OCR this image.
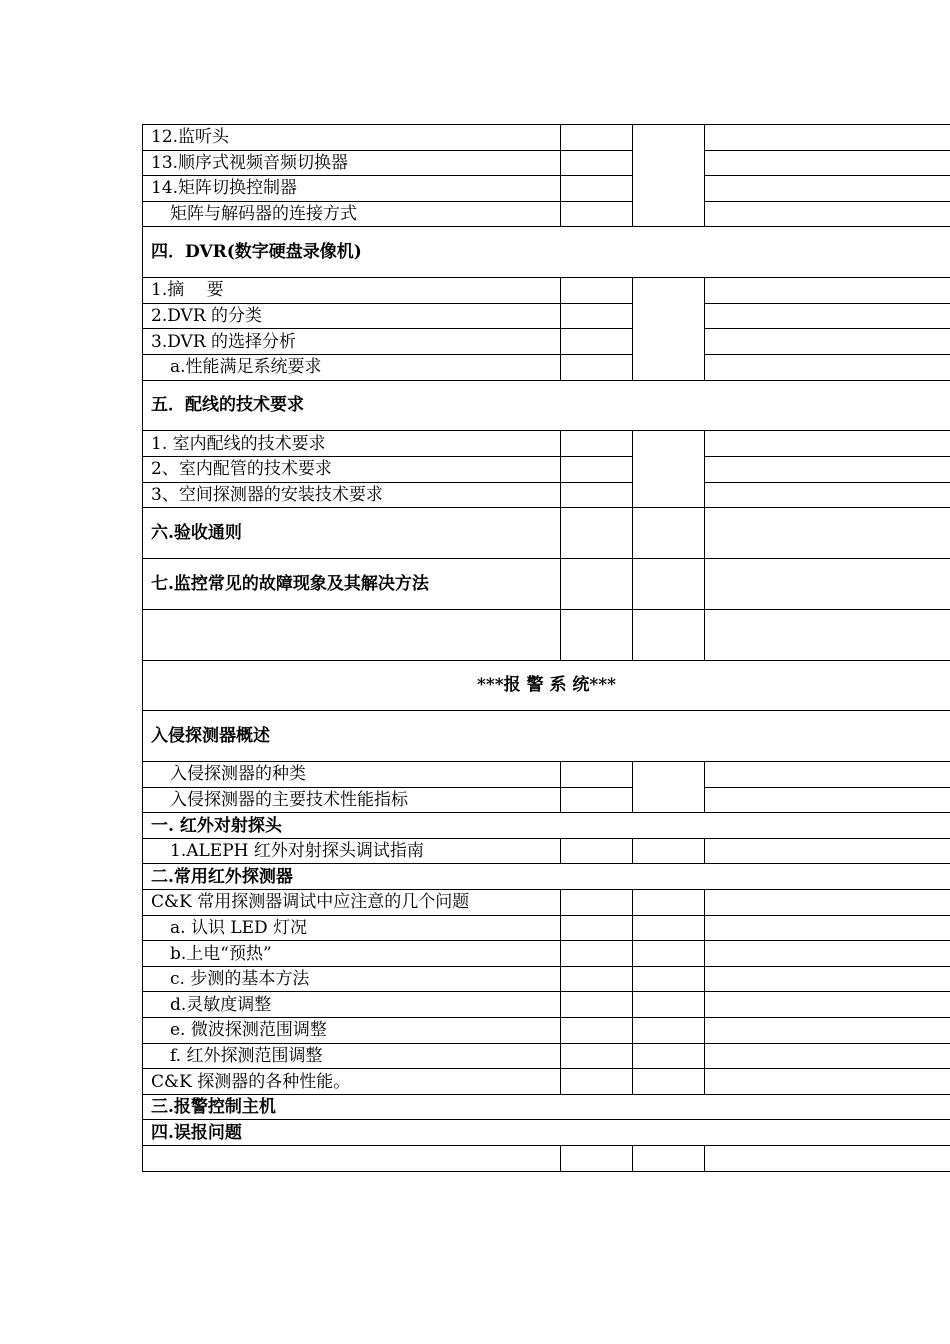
12.监听头			
13.顺序式视频音频切换器			
14.矩阵切换控制器			
矩阵与解码器的连接方式			
四．DVR(数字硬盘录像机)			
1.摘　 要			
2.DVR 的分类			
3.DVR 的选择分析			
a.性能满足系统要求			
五．配线的技术要求			
1. 室内配线的技术要求			
2、室内配管的技术要求			
3、空间探测器的安装技术要求			
六.验收通则			
七.监控常见的故障现象及其解决方法			

***报 警 系 统***			
入侵探测器概述			
入侵探测器的种类			
入侵探测器的主要技术性能指标			
一. 红外对射探头			
1.ALEPH 红外对射探头调试指南			
二.常用红外探测器			
C&K 常用探测器调试中应注意的几个问题			
a. 认识 LED 灯况			
b.上电“预热”			
c. 步测的基本方法			
d.灵敏度调整			
e. 微波探测范围调整			
f. 红外探测范围调整			
C&K 探测器的各种性能。			
三.报警控制主机			
四.误报问题			
